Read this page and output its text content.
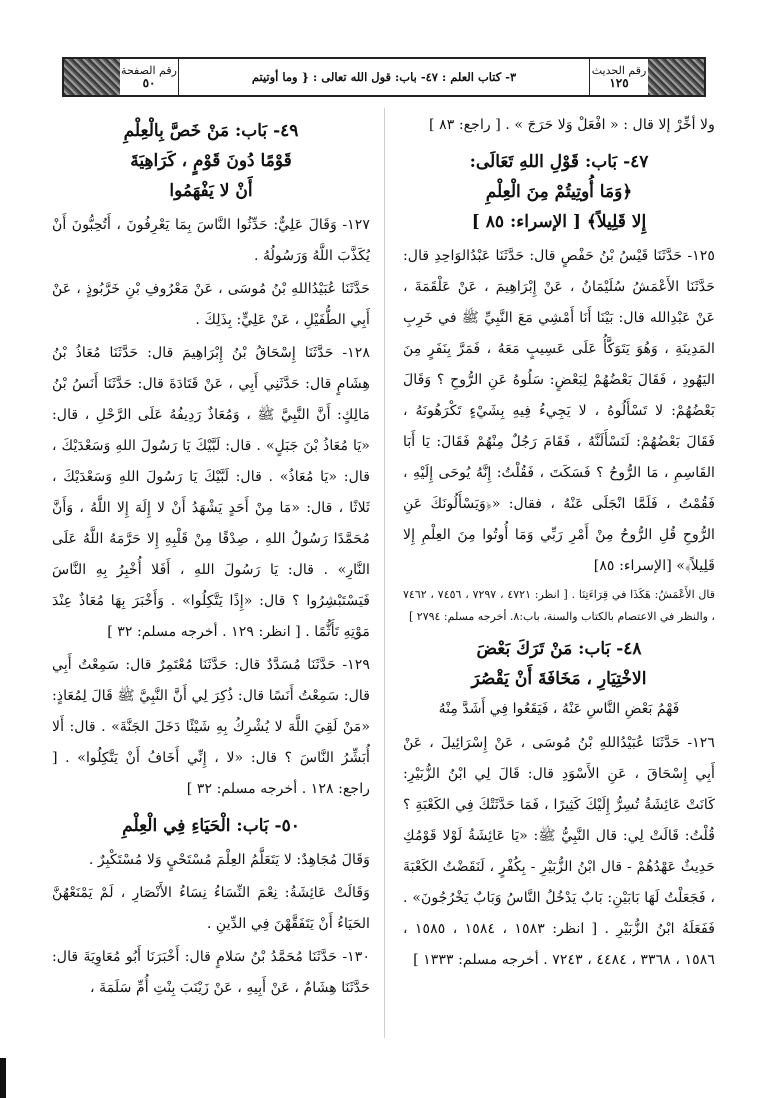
رقم الصفحة
٥٠	٣- كتاب العلم : ٤٧- باب: قول الله تعالى : { وما أوتيتم	رقم الحديث
١٢٥

ولا أخِّرْ إلا قال : « افْعَلْ وَلا حَرَجَ » . [ راجع: ٨٣ ]

٤٧- بَاب: قَوْلِ اللهِ تَعَالَى:
﴿وَمَا أُوتِيتُمْ مِنَ الْعِلْمِ
إِلا قَلِيلاً﴾ [ الإسراء: ٨٥ ]

١٢٥- حَدَّثَنَا قَيْسُ بْنُ حَفْصٍ قال: حَدَّثَنَا عَبْدُالوَاحِدِ قال: حَدَّثَنَا الأَعْمَشُ سُلَيْمَانُ ، عَنْ إِبْرَاهِيمَ ، عَنْ عَلْقَمَةَ ، عَنْ عَبْدِالله قال: بَيْنَا أَنَا أَمْشِي مَعَ النَّبِيِّ ﷺ في خَرِبِ المَدِينَةِ ، وَهُوَ يَتَوَكَّأُ عَلَى عَسِيبٍ مَعَهُ ، فَمَرَّ بِنَفَرٍ مِنَ اليَهُودِ ، فَقَالَ بَعْضُهُمْ لِبَعْضٍ: سَلُوهُ عَنِ الرُّوحِ ؟ وَقَالَ بَعْضُهُمْ: لا تَسْأَلُوهُ ، لا يَجِيءُ فِيهِ بِشَيْءٍ تَكْرَهُونَهُ ، فَقَالَ بَعْضُهُمْ: لَنَسْأَلَنَّهُ ، فَقَامَ رَجُلٌ مِنْهُمْ فَقَالَ: يَا أَبَا القَاسِمِ ، مَا الرُّوحُ ؟ فَسَكَتَ ، فَقُلْتُ: إِنَّهُ يُوحَى إِلَيْهِ ، فَقُمْتُ ، فَلَمَّا انْجَلَى عَنْهُ ، فقال: «﴿وَيَسْأَلُونَكَ عَنِ الرُّوحِ قُلِ الرُّوحُ مِنْ أَمْرِ رَبِّي وَمَا أُوتُوا مِنَ العِلْمِ إِلا قَلِيلاً﴾» [الإسراء: ٨٥]

قال الأَعْمَشُ: هَكَذَا في قِرَاءَتِنَا . [ انظر: ٤٧٢١ ، ٧٢٩٧ ، ٧٤٥٦ ، ٧٤٦٢ ، والنظر في الاعتصام بالكتاب والسنة، باب:٨. أخرجه مسلم: ٢٧٩٤ ]

٤٨- بَاب: مَنْ تَرَكَ بَعْضَ
الاخْتِيَارِ ، مَخَافَةَ أَنْ يَقْصُرَ
فَهْمُ بَعْضِ النَّاسِ عَنْهُ ، فَيَقَعُوا فِي أَشَدَّ مِنْهُ

١٢٦- حَدَّثَنَا عُبَيْدُاللهِ بْنُ مُوسَى ، عَنْ إِسْرَائِيلَ ، عَنْ أَبِي إِسْحَاقَ ، عَنِ الأَسْوَدِ قال: قَالَ لِي ابْنُ الزُّبَيْرِ: كَانَتْ عَائِشَةُ تُسِرُّ إِلَيْكَ كَثِيرًا ، فَمَا حَدَّثَتْكَ فِي الكَعْبَةِ ؟ قُلْتُ: قَالَتْ لِي: قال النَّبِيُّ ﷺ: «يَا عَائِشَةُ لَوْلا قَوْمُكِ حَدِيثٌ عَهْدُهُمْ - قال ابْنُ الزُّبَيْرِ - بِكُفْرٍ ، لَنَقَضْتُ الكَعْبَةَ ، فَجَعَلْتُ لَهَا بَابَيْنِ: بَابٌ يَدْخُلُ النَّاسُ وَبَابٌ يَخْرُجُونَ» . فَفَعَلَهُ ابْنُ الزُّبَيْرِ . [ انظر: ١٥٨٣ ، ١٥٨٤ ، ١٥٨٥ ، ١٥٨٦ ، ٣٣٦٨ ، ٤٤٨٤ ، ٧٢٤٣ . أخرجه مسلم: ١٣٣٣ ]

٤٩- بَاب: مَنْ خَصَّ بِالْعِلْمِ
قَوْمًا دُونَ قَوْمٍ ، كَرَاهِيَةَ
أَنْ لا يَفْهَمُوا

١٢٧- وَقَالَ عَلِيٌّ: حَدِّثُوا النَّاسَ بِمَا يَعْرِفُونَ ، أَتُحِبُّونَ أَنْ يُكَذَّبَ اللَّهُ وَرَسُولُهُ .

حَدَّثَنَا عُبَيْدُاللهِ بْنُ مُوسَى ، عَنْ مَعْرُوفِ بْنِ خَرَّبُوذٍ ، عَنْ أَبِي الطُّفَيْلِ ، عَنْ عَلِيٍّ: بِذَلِكَ .

١٢٨- حَدَّثَنَا إِسْحَاقُ بْنُ إِبْرَاهِيمَ قال: حَدَّثَنَا مُعَاذُ بْنُ هِشَامٍ قال: حَدَّثَنِي أَبِي ، عَنْ قَتَادَةَ قال: حَدَّثَنَا أَنَسُ بْنُ مَالِكٍ: أَنَّ النَّبِيَّ ﷺ ، وَمُعَاذٌ رَدِيفُهُ عَلَى الرَّحْلِ ، قال: «يَا مُعَاذُ بْنَ جَبَلٍ» . قال: لَبَّيْكَ يَا رَسُولَ اللهِ وَسَعْدَيْكَ ، قال: «يَا مُعَاذُ» . قال: لَبَّيْكَ يَا رَسُولَ اللهِ وَسَعْدَيْكَ ، ثَلاثًا ، قال: «مَا مِنْ أَحَدٍ يَشْهَدُ أَنْ لا إِلَهَ إِلا اللَّهُ ، وَأَنَّ مُحَمَّدًا رَسُولُ اللهِ ، صِدْقًا مِنْ قَلْبِهِ إِلا حَرَّمَهُ اللَّهُ عَلَى النَّارِ» . قال: يَا رَسُولَ اللهِ ، أَفَلا أُخْبِرُ بِهِ النَّاسَ فَيَسْتَبْشِرُوا ؟ قال: «إِذًا يَتَّكِلُوا» . وَأَخْبَرَ بِهَا مُعَاذٌ عِنْدَ مَوْتِهِ تَأَثُّمًا . [ انظر: ١٢٩ . أخرجه مسلم: ٣٢ ]

١٢٩- حَدَّثَنَا مُسَدَّدٌ قال: حَدَّثَنَا مُعْتَمِرٌ قال: سَمِعْتُ أَبِي قال: سَمِعْتُ أَنَسًا قال: ذُكِرَ لِي أَنَّ النَّبِيَّ ﷺ قَالَ لِمُعَاذٍ: «مَنْ لَقِيَ اللَّهَ لا يُشْرِكُ بِهِ شَيْئًا دَخَلَ الجَنَّةَ» . قال: أَلا أُبَشِّرُ النَّاسَ ؟ قال: «لا ، إِنِّي أَخَافُ أَنْ يَتَّكِلُوا» . [ راجع: ١٢٨ . أخرجه مسلم: ٣٢ ]

٥٠- بَاب: الْحَيَاءِ فِي الْعِلْمِ

وَقَالَ مُجَاهِدٌ: لا يَتَعَلَّمُ العِلْمَ مُسْتَحْيٍ وَلا مُسْتَكْبِرٌ .

وَقَالَتْ عَائِشَةُ: نِعْمَ النِّسَاءُ نِسَاءُ الأَنْصَارِ ، لَمْ يَمْنَعْهُنَّ الحَيَاءُ أَنْ يَتَفَقَّهْنَ فِي الدِّينِ .

١٣٠- حَدَّثَنَا مُحَمَّدُ بْنُ سَلامٍ قال: أَخْبَرَنَا أَبُو مُعَاوِيَةَ قال: حَدَّثَنَا هِشَامٌ ، عَنْ أَبِيهِ ، عَنْ زَيْنَبَ بِنْتِ أُمِّ سَلَمَةَ ،
